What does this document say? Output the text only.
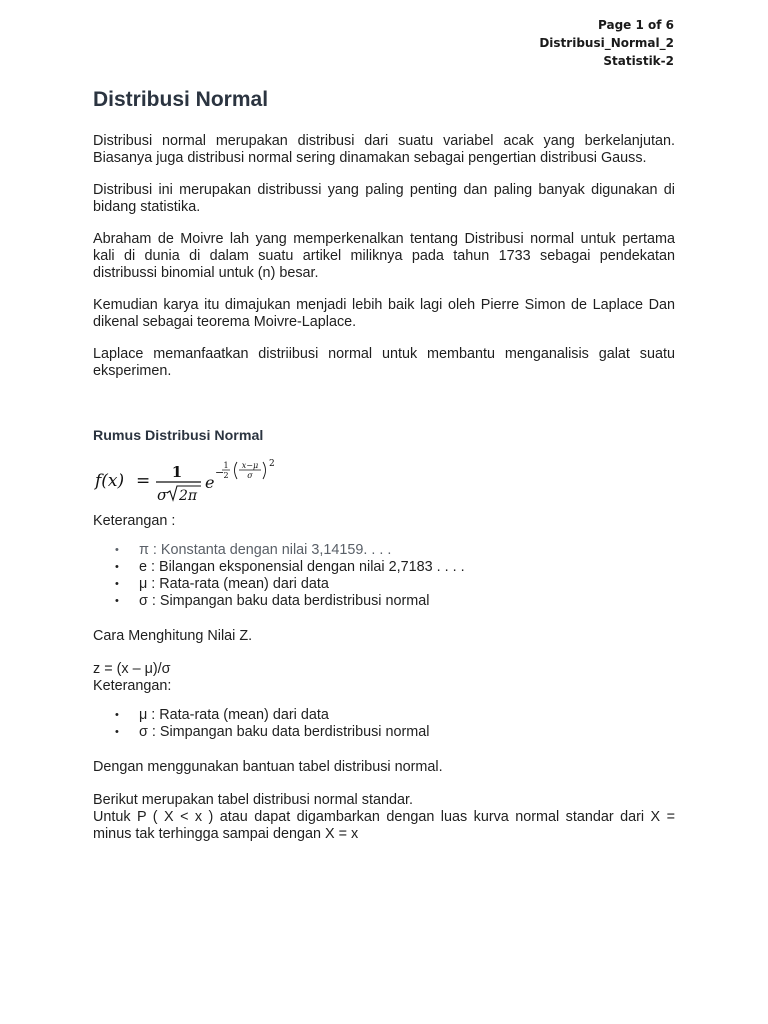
Page 1 of 6
Distribusi_Normal_2
Statistik-2
Distribusi Normal

Distribusi normal merupakan distribusi dari suatu variabel acak yang berkelanjutan. Biasanya juga distribusi normal sering dinamakan sebagai pengertian distribusi Gauss.

Distribusi ini merupakan distribussi yang paling penting dan paling banyak digunakan di bidang statistika.

Abraham de Moivre lah yang memperkenalkan tentang Distribusi normal untuk pertama kali di dunia di dalam suatu artikel miliknya pada tahun 1733 sebagai pendekatan distribussi binomial untuk (n) besar.

Kemudian karya itu dimajukan menjadi lebih baik lagi oleh Pierre Simon de Laplace Dan dikenal sebagai teorema Moivre-Laplace.

Laplace memanfaatkan distriibusi normal untuk membantu menganalisis galat suatu eksperimen.

Rumus Distribusi Normal
f(x) = 1
σ 2π
e
−
1
2
x−μ
σ
2
Keterangan :
• π : Konstanta dengan nilai 3,14159. . . .
• e : Bilangan eksponensial dengan nilai 2,7183 . . . .
• μ : Rata-rata (mean) dari data
• σ : Simpangan baku data berdistribusi normal
Cara Menghitung Nilai Z.
z = (x – μ)/σ
Keterangan:
• μ : Rata-rata (mean) dari data
• σ : Simpangan baku data berdistribusi normal
Dengan menggunakan bantuan tabel distribusi normal.
Berikut merupakan tabel distribusi normal standar.

Untuk P ( X < x ) atau dapat digambarkan dengan luas kurva normal standar dari X = minus tak terhingga sampai dengan X = x
